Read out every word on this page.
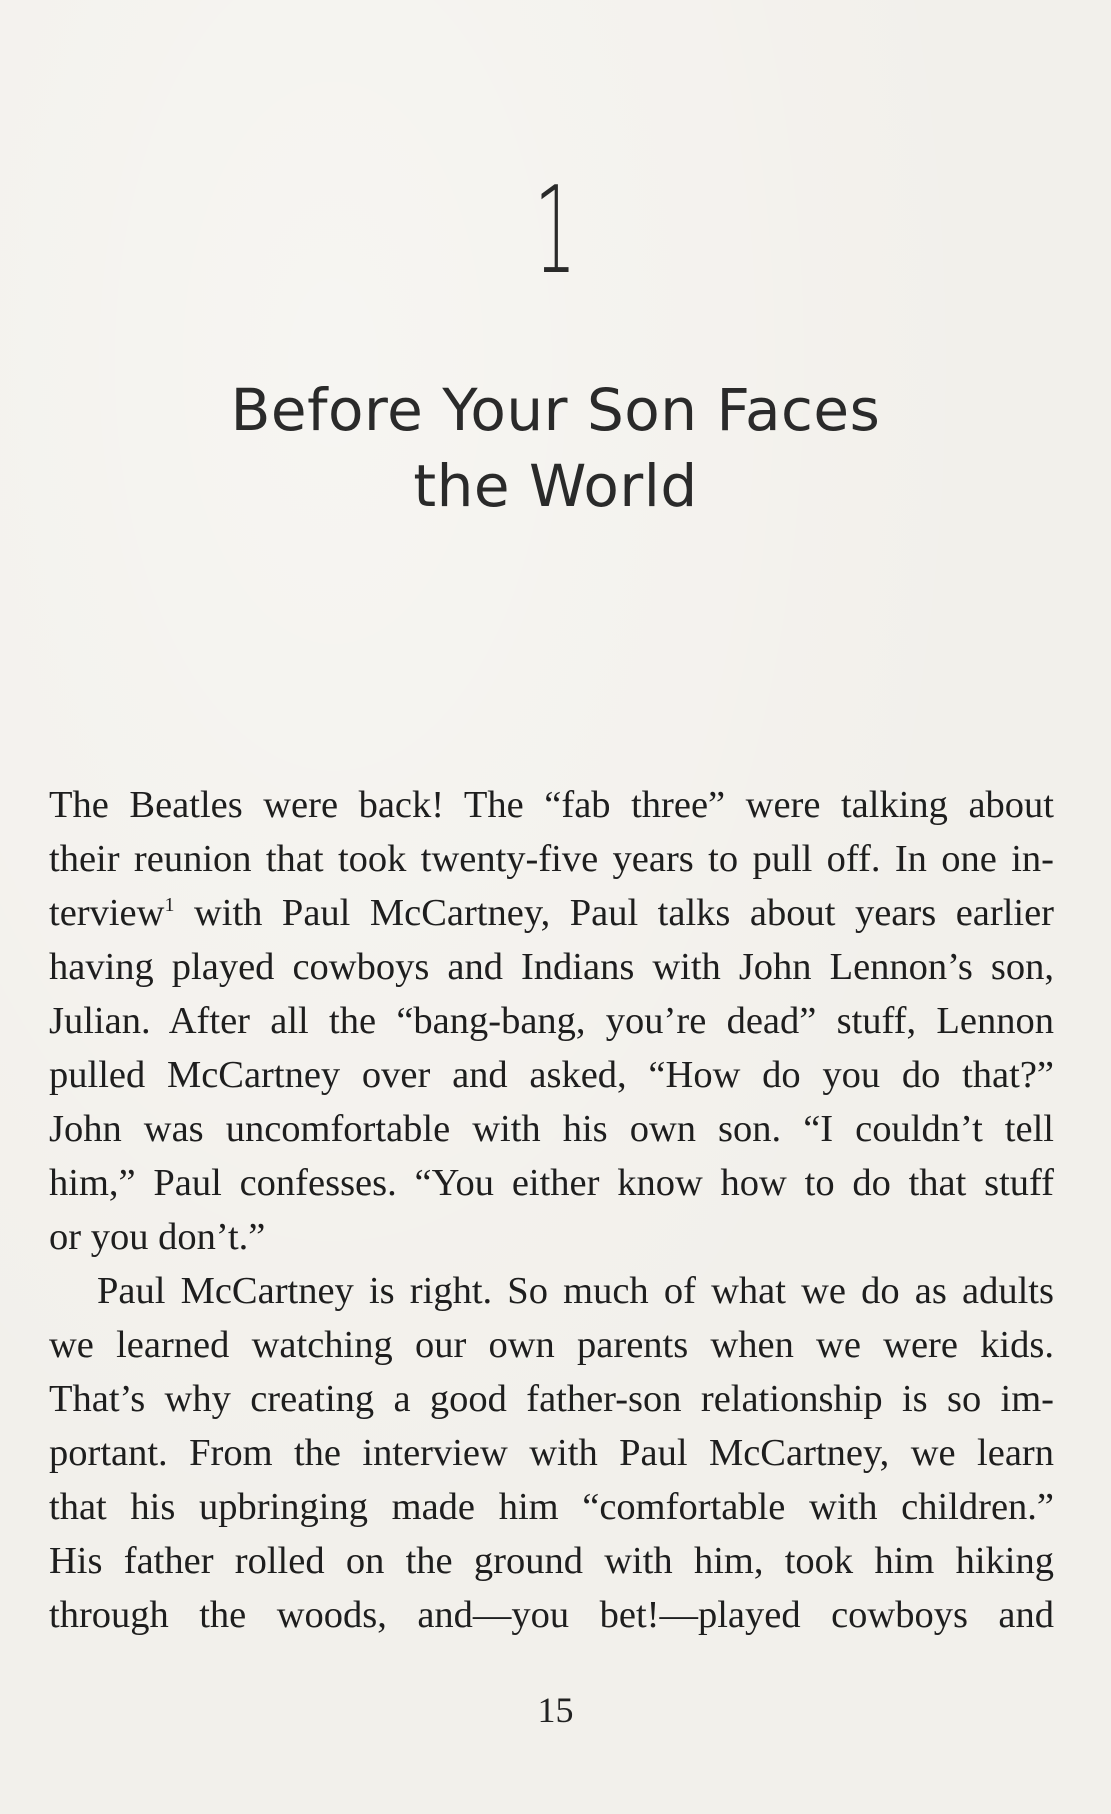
1
Before Your Son Faces
the World
The Beatles were back! The “fab three” were talking about
their reunion that took twenty-five years to pull off. In one in-
terview$^1$ with Paul McCartney, Paul talks about years earlier
having played cowboys and Indians with John Lennon’s son,
Julian. After all the “bang-bang, you’re dead” stuff, Lennon
pulled McCartney over and asked, “How do you do that?”
John was uncomfortable with his own son. “I couldn’t tell
him,” Paul confesses. “You either know how to do that stuff
or you don’t.”
Paul McCartney is right. So much of what we do as adults
we learned watching our own parents when we were kids.
That’s why creating a good father-son relationship is so im-
portant. From the interview with Paul McCartney, we learn
that his upbringing made him “comfortable with children.”
His father rolled on the ground with him, took him hiking
through the woods, and—you bet!—played cowboys and
15
